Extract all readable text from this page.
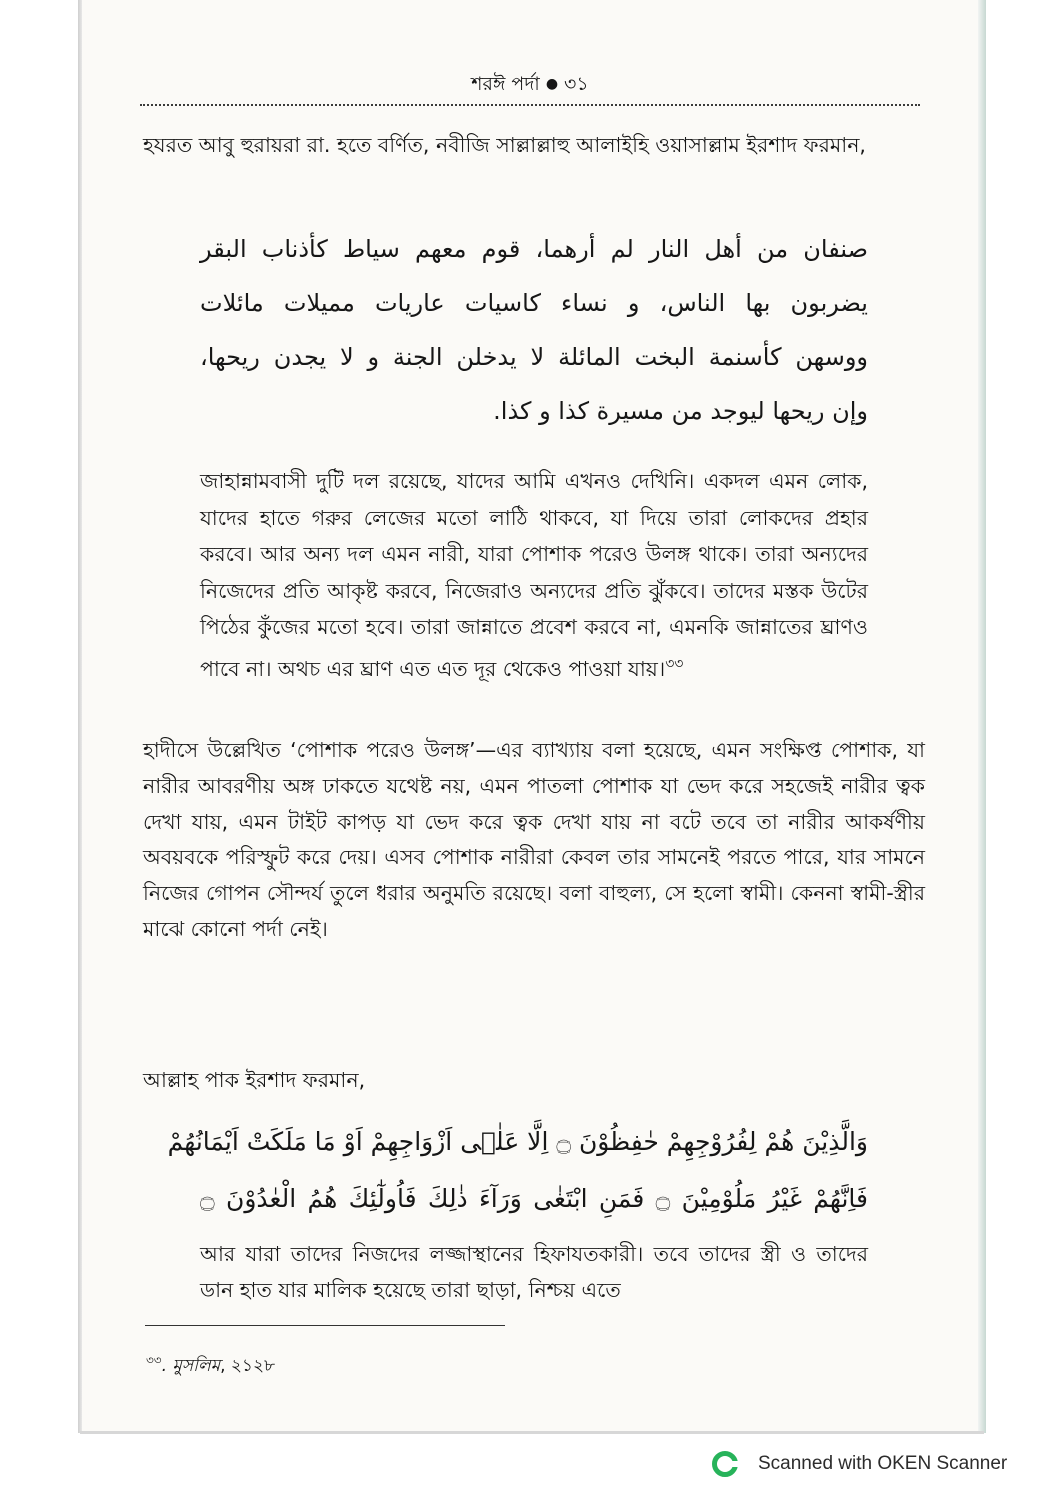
শরঈ পর্দা ● ৩১

হযরত আবু হুরায়রা রা. হতে বর্ণিত, নবীজি সাল্লাল্লাহু আলাইহি ওয়াসাল্লাম ইরশাদ ফরমান,

صنفان من أهل النار لم أرهما، قوم معهم سياط كأذناب البقر
يضربون بها الناس، و نساء كاسيات عاريات مميلات مائلات
ووسهن كأسنمة البخت المائلة لا يدخلن الجنة و لا يجدن ريحها،
وإن ريحها ليوجد من مسيرة كذا و كذا.

জাহান্নামবাসী দুটি দল রয়েছে, যাদের আমি এখনও দেখিনি। একদল এমন লোক, যাদের হাতে গরুর লেজের মতো লাঠি থাকবে, যা দিয়ে তারা লোকদের প্রহার করবে। আর অন্য দল এমন নারী, যারা পোশাক পরেও উলঙ্গ থাকে। তারা অন্যদের নিজেদের প্রতি আকৃষ্ট করবে, নিজেরাও অন্যদের প্রতি ঝুঁকবে। তাদের মস্তক উটের পিঠের কুঁজের মতো হবে। তারা জান্নাতে প্রবেশ করবে না, এমনকি জান্নাতের ঘ্রাণও পাবে না। অথচ এর ঘ্রাণ এত এত দূর থেকেও পাওয়া যায়।$^{৩৩}$

হাদীসে উল্লেখিত ‘পোশাক পরেও উলঙ্গ’—এর ব্যাখ্যায় বলা হয়েছে, এমন সংক্ষিপ্ত পোশাক, যা নারীর আবরণীয় অঙ্গ ঢাকতে যথেষ্ট নয়, এমন পাতলা পোশাক যা ভেদ করে সহজেই নারীর ত্বক দেখা যায়, এমন টাইট কাপড় যা ভেদ করে ত্বক দেখা যায় না বটে তবে তা নারীর আকর্ষণীয় অবয়বকে পরিস্ফুট করে দেয়। এসব পোশাক নারীরা কেবল তার সামনেই পরতে পারে, যার সামনে নিজের গোপন সৌন্দর্য তুলে ধরার অনুমতি রয়েছে। বলা বাহুল্য, সে হলো স্বামী। কেননা স্বামী-স্ত্রীর মাঝে কোনো পর্দা নেই।

আল্লাহ পাক ইরশাদ ফরমান,

وَالَّذِيْنَ هُمْ لِفُرُوْجِهِمْ حٰفِظُوْنَ ۝ اِلَّا عَلٰۤى اَزْوَاجِهِمْ اَوْ مَا مَلَكَتْ اَيْمَانُهُمْ
فَاِنَّهُمْ غَيْرُ مَلُوْمِيْنَ ۝ فَمَنِ ابْتَغٰى وَرَآءَ ذٰلِكَ فَاُولٰٓئِكَ هُمُ الْعٰدُوْنَ ۝

আর যারা তাদের নিজদের লজ্জাস্থানের হিফাযতকারী। তবে তাদের স্ত্রী ও তাদের ডান হাত যার মালিক হয়েছে তারা ছাড়া, নিশ্চয় এতে

$^{৩৩}$. মুসলিম, ২১২৮
Scanned with OKEN Scanner
